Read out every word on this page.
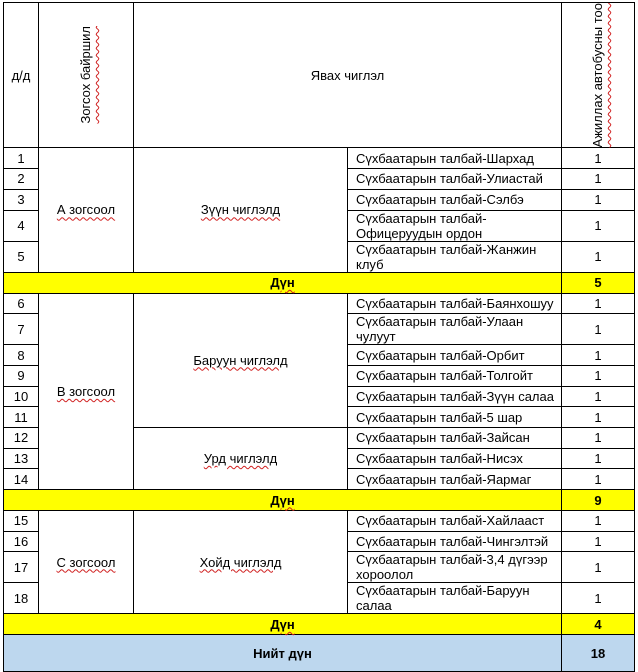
д/д	Зогсох байршил	Явах чиглэл		Ажиллах автобусны тоо

1	А зогсоол	Зүүн чиглэлд	Сүхбаатарын талбай-Шархад	1
2			Сүхбаатарын талбай-Улиастай	1
3			Сүхбаатарын талбай-Сэлбэ	1
4			Сүхбаатарын талбай-Офицеруудын ордон	1
5			Сүхбаатарын талбай-Жанжин клуб	1
Дүн				5
6	В зогсоол	Баруун чиглэлд	Сүхбаатарын талбай-Баянхошуу	1
7			Сүхбаатарын талбай-Улаан чулуут	1
8			Сүхбаатарын талбай-Орбит	1
9			Сүхбаатарын талбай-Толгойт	1
10			Сүхбаатарын талбай-Зүүн салаа	1
11			Сүхбаатарын талбай-5 шар	1
12		Урд чиглэлд	Сүхбаатарын талбай-Зайсан	1
13			Сүхбаатарын талбай-Нисэх	1
14			Сүхбаатарын талбай-Яармаг	1
Дүн				9
15	С зогсоол	Хойд чиглэлд	Сүхбаатарын талбай-Хайлааст	1
16			Сүхбаатарын талбай-Чингэлтэй	1
17			Сүхбаатарын талбай-3,4 дүгээр хороолол	1
18			Сүхбаатарын талбай-Баруун салаа	1
Дүн				4
Нийт дүн				18
